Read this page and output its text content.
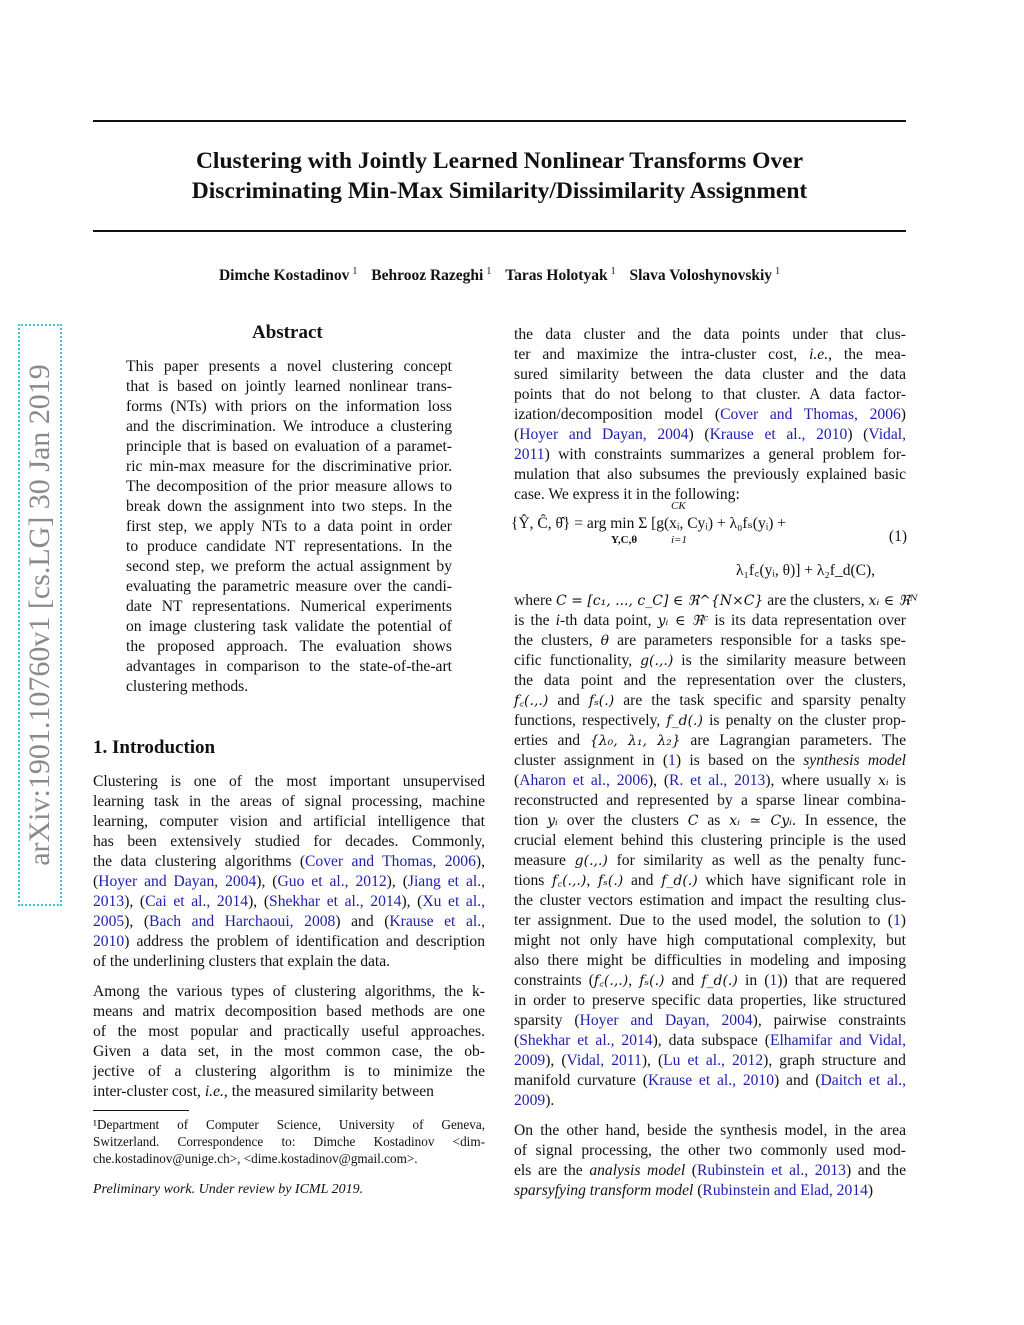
Clustering with Jointly Learned Nonlinear Transforms Over
Discriminating Min-Max Similarity/Dissimilarity Assignment
Dimche Kostadinov $^1$ Behrooz Razeghi $^1$ Taras Holotyak $^1$ Slava Voloshynovskiy $^1$
arXiv:1901.10760v1 [cs.LG] 30 Jan 2019
Abstract
This paper presents a novel clustering concept
that is based on jointly learned nonlinear trans-
forms (NTs) with priors on the information loss
and the discrimination. We introduce a clustering
principle that is based on evaluation of a paramet-
ric min-max measure for the discriminative prior.
The decomposition of the prior measure allows to
break down the assignment into two steps. In the
first step, we apply NTs to a data point in order
to produce candidate NT representations. In the
second step, we preform the actual assignment by
evaluating the parametric measure over the candi-
date NT representations. Numerical experiments
on image clustering task validate the potential of
the proposed approach. The evaluation shows
advantages in comparison to the state-of-the-art
clustering methods.
1. Introduction
Clustering is one of the most important unsupervised
learning task in the areas of signal processing, machine
learning, computer vision and artificial intelligence that
has been extensively studied for decades. Commonly,
the data clustering algorithms (Cover and Thomas, 2006),
(Hoyer and Dayan, 2004), (Guo et al., 2012), (Jiang et al.,
2013), (Cai et al., 2014), (Shekhar et al., 2014), (Xu et al.,
2005), (Bach and Harchaoui, 2008) and (Krause et al.,
2010) address the problem of identification and description
of the underlining clusters that explain the data.
Among the various types of clustering algorithms, the k-
means and matrix decomposition based methods are one
of the most popular and practically useful approaches.
Given a data set, in the most common case, the ob-
jective of a clustering algorithm is to minimize the
inter-cluster cost, i.e., the measured similarity between
¹Department of Computer Science, University of Geneva,
Switzerland. Correspondence to: Dimche Kostadinov <dim-
che.kostadinov@unige.ch>, <dime.kostadinov@gmail.com>.
Preliminary work. Under review by ICML 2019.
the data cluster and the data points under that clus-
ter and maximize the intra-cluster cost, i.e., the mea-
sured similarity between the data cluster and the data
points that do not belong to that cluster. A data factor-
ization/decomposition model (Cover and Thomas, 2006)
(Hoyer and Dayan, 2004) (Krause et al., 2010) (Vidal,
2011) with constraints summarizes a general problem for-
mulation that also subsumes the previously explained basic
case. We express it in the following:
CK
{Ŷ, Ĉ, θ̂} = arg min Σ [g(xᵢ, Cyᵢ) + λ₀fₛ(yᵢ) +
Y,C,θ	i=1	(1)
λ₁f꜀(yᵢ, θ)] + λ₂f_d(C),
where C = [c₁, ..., c_C] ∈ ℜ^{N×C} are the clusters, xᵢ ∈ ℜᴺ
is the i-th data point, yᵢ ∈ ℜᶜ is its data representation over
the clusters, θ are parameters responsible for a tasks spe-
cific functionality, g(.,.) is the similarity measure between
the data point and the representation over the clusters,
f꜀(.,.) and fₛ(.) are the task specific and sparsity penalty
functions, respectively, f_d(.) is penalty on the cluster prop-
erties and {λ₀, λ₁, λ₂} are Lagrangian parameters. The
cluster assignment in (1) is based on the synthesis model
(Aharon et al., 2006), (R. et al., 2013), where usually xᵢ is
reconstructed and represented by a sparse linear combina-
tion yᵢ over the clusters C as xᵢ ≃ Cyᵢ. In essence, the
crucial element behind this clustering principle is the used
measure g(.,.) for similarity as well as the penalty func-
tions f꜀(.,.), fₛ(.) and f_d(.) which have significant role in
the cluster vectors estimation and impact the resulting clus-
ter assignment. Due to the used model, the solution to (1)
might not only have high computational complexity, but
also there might be difficulties in modeling and imposing
constraints (f꜀(.,.), fₛ(.) and f_d(.) in (1)) that are requered
in order to preserve specific data properties, like structured
sparsity (Hoyer and Dayan, 2004), pairwise constraints
(Shekhar et al., 2014), data subspace (Elhamifar and Vidal,
2009), (Vidal, 2011), (Lu et al., 2012), graph structure and
manifold curvature (Krause et al., 2010) and (Daitch et al.,
2009).
On the other hand, beside the synthesis model, in the area
of signal processing, the other two commonly used mod-
els are the analysis model (Rubinstein et al., 2013) and the
sparsyfying transform model (Rubinstein and Elad, 2014)
